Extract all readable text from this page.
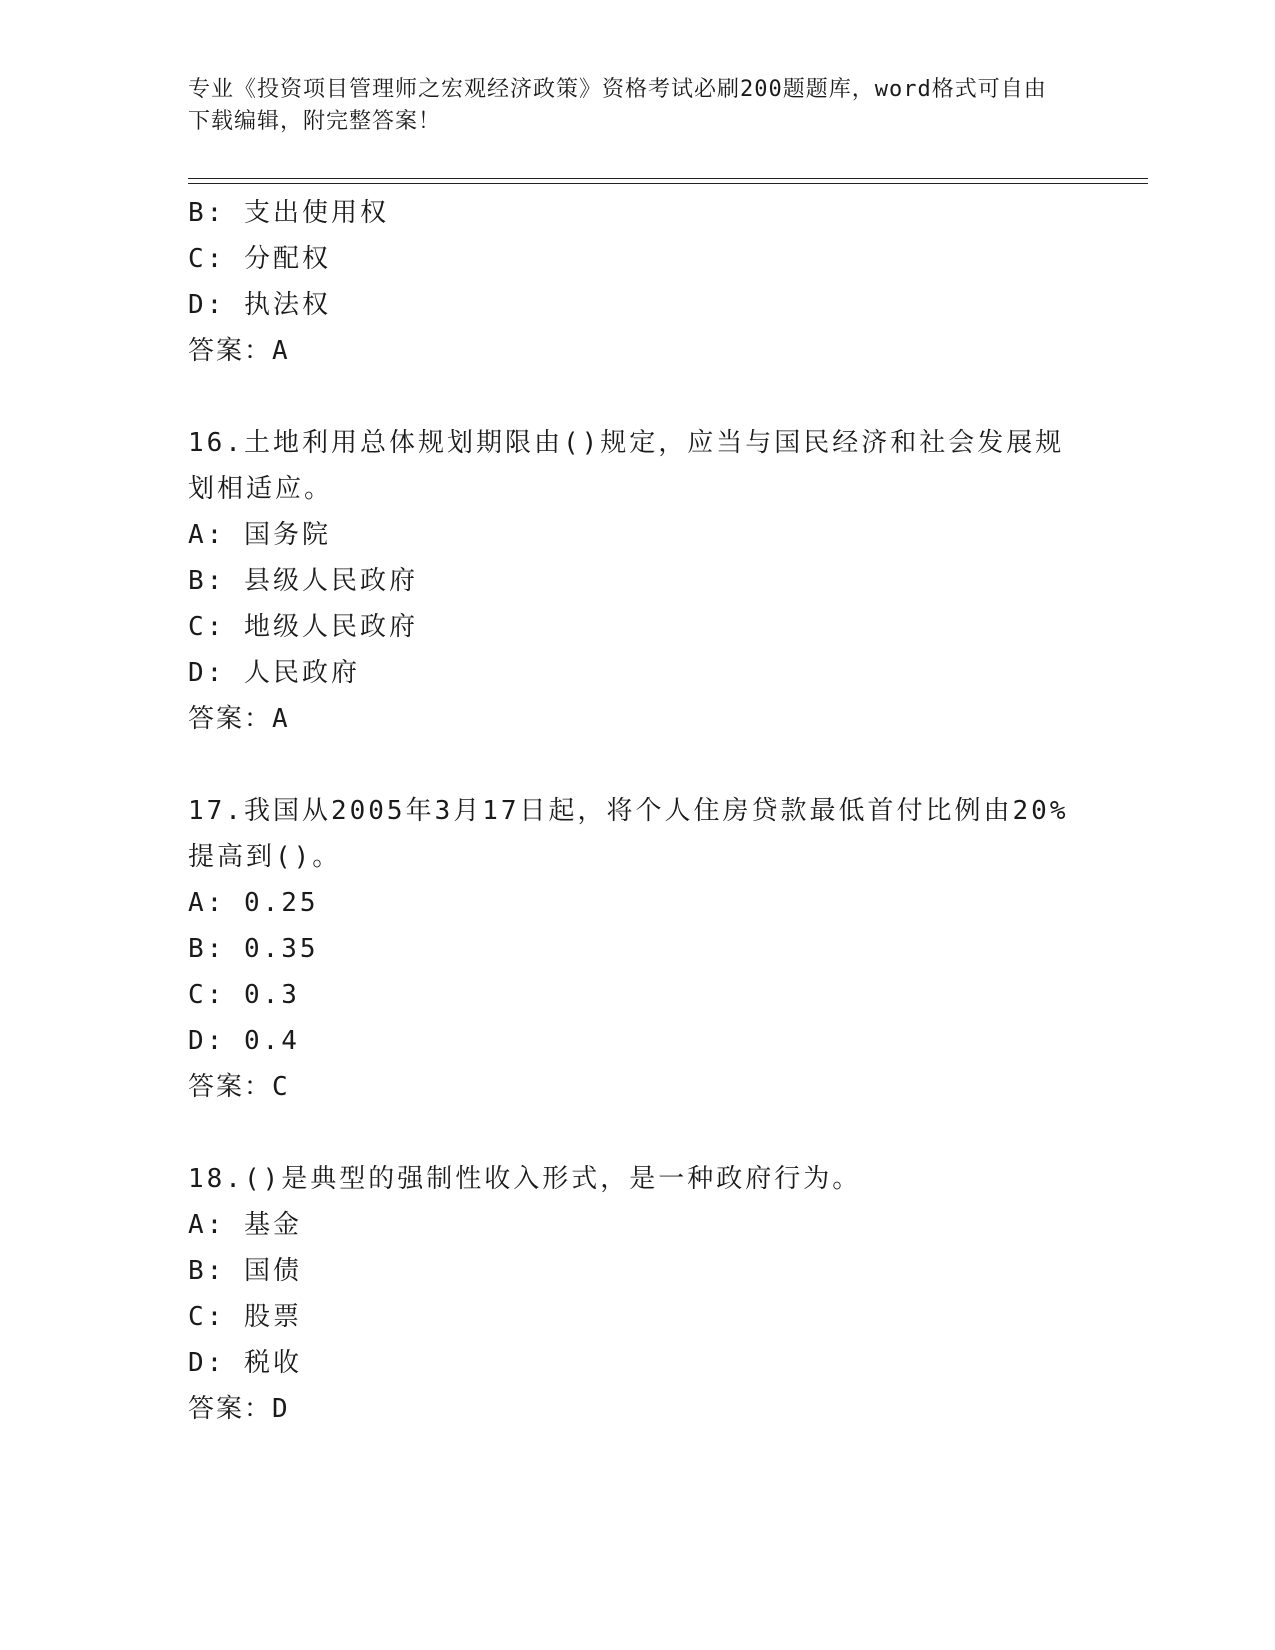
专业《投资项目管理师之宏观经济政策》资格考试必刷200题题库，word格式可自由下载编辑，附完整答案！
B: 支出使用权
C: 分配权
D: 执法权
答案：A
16.土地利用总体规划期限由()规定，应当与国民经济和社会发展规划相适应。
A: 国务院
B: 县级人民政府
C: 地级人民政府
D: 人民政府
答案：A
17.我国从2005年3月17日起，将个人住房贷款最低首付比例由20%提高到()。
A: 0.25
B: 0.35
C: 0.3
D: 0.4
答案：C
18.()是典型的强制性收入形式，是一种政府行为。
A: 基金
B: 国债
C: 股票
D: 税收
答案：D
